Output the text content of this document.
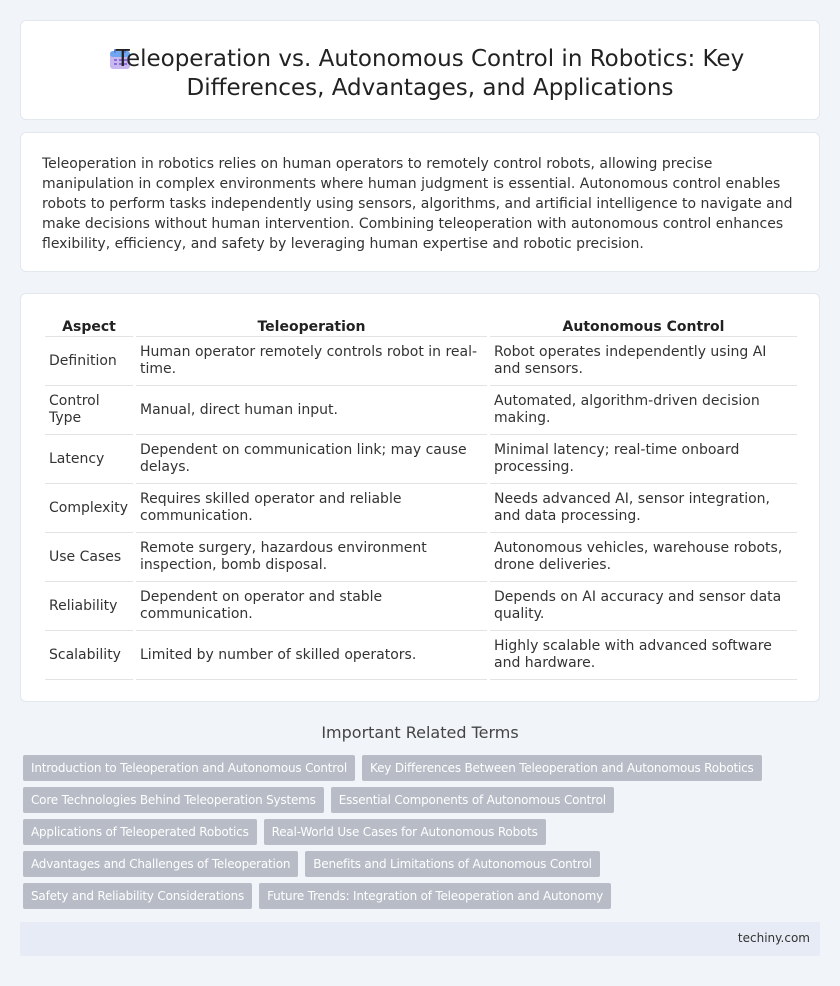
Teleoperation vs. Autonomous Control in Robotics: Key Differences, Advantages, and Applications

Teleoperation in robotics relies on human operators to remotely control robots, allowing precise manipulation in complex environments where human judgment is essential. Autonomous control enables robots to perform tasks independently using sensors, algorithms, and artificial intelligence to navigate and make decisions without human intervention. Combining teleoperation with autonomous control enhances flexibility, efficiency, and safety by leveraging human expertise and robotic precision.

Aspect	Teleoperation	Autonomous Control
Definition	Human operator remotely controls robot in real-time.	Robot operates independently using AI and sensors.
Control Type	Manual, direct human input.	Automated, algorithm-driven decision making.
Latency	Dependent on communication link; may cause delays.	Minimal latency; real-time onboard processing.
Complexity	Requires skilled operator and reliable communication.	Needs advanced AI, sensor integration, and data processing.
Use Cases	Remote surgery, hazardous environment inspection, bomb disposal.	Autonomous vehicles, warehouse robots, drone deliveries.
Reliability	Dependent on operator and stable communication.	Depends on AI accuracy and sensor data quality.
Scalability	Limited by number of skilled operators.	Highly scalable with advanced software and hardware.
Important Related Terms
Introduction to Teleoperation and Autonomous Control	Key Differences Between Teleoperation and Autonomous Robotics
Core Technologies Behind Teleoperation Systems	Essential Components of Autonomous Control
Applications of Teleoperated Robotics	Real-World Use Cases for Autonomous Robots
Advantages and Challenges of Teleoperation	Benefits and Limitations of Autonomous Control
Safety and Reliability Considerations	Future Trends: Integration of Teleoperation and Autonomy
techiny.com
